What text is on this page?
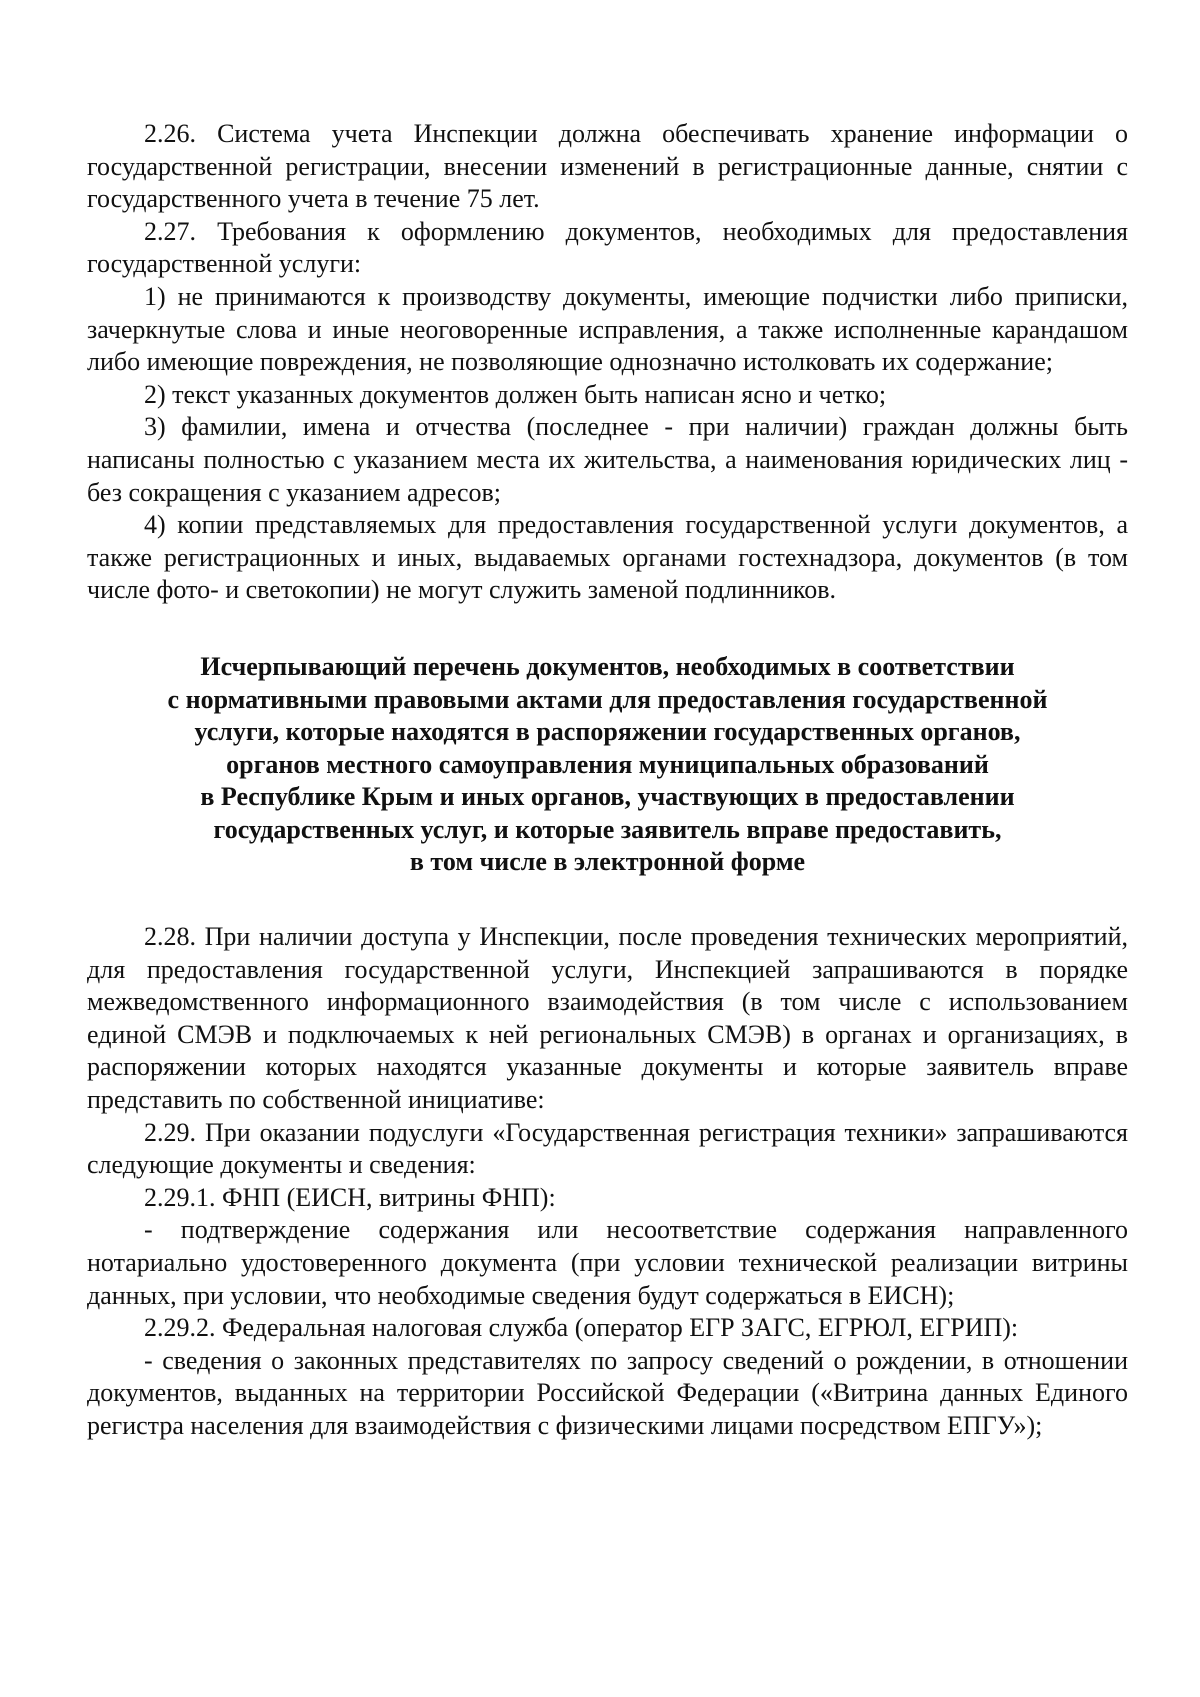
2.26. Система учета Инспекции должна обеспечивать хранение информации о государственной регистрации, внесении изменений в регистрационные данные, снятии с государственного учета в течение 75 лет.

2.27. Требования к оформлению документов, необходимых для предоставления государственной услуги:

1) не принимаются к производству документы, имеющие подчистки либо приписки, зачеркнутые слова и иные неоговоренные исправления, а также исполненные карандашом либо имеющие повреждения, не позволяющие однозначно истолковать их содержание;

2) текст указанных документов должен быть написан ясно и четко;

3) фамилии, имена и отчества (последнее - при наличии) граждан должны быть написаны полностью с указанием места их жительства, а наименования юридических лиц - без сокращения с указанием адресов;

4) копии представляемых для предоставления государственной услуги документов, а также регистрационных и иных, выдаваемых органами гостехнадзора, документов (в том числе фото- и светокопии) не могут служить заменой подлинников.

Исчерпывающий перечень документов, необходимых в соответствии
с нормативными правовыми актами для предоставления государственной
услуги, которые находятся в распоряжении государственных органов,
органов местного самоуправления муниципальных образований
в Республике Крым и иных органов, участвующих в предоставлении
государственных услуг, и которые заявитель вправе предоставить,
в том числе в электронной форме

2.28. При наличии доступа у Инспекции, после проведения технических мероприятий, для предоставления государственной услуги, Инспекцией запрашиваются в порядке межведомственного информационного взаимодействия (в том числе с использованием единой СМЭВ и подключаемых к ней региональных СМЭВ) в органах и организациях, в распоряжении которых находятся указанные документы и которые заявитель вправе представить по собственной инициативе:

2.29. При оказании подуслуги «Государственная регистрация техники» запрашиваются следующие документы и сведения:

2.29.1. ФНП (ЕИСН, витрины ФНП):

- подтверждение содержания или несоответствие содержания направленного нотариально удостоверенного документа (при условии технической реализации витрины данных, при условии, что необходимые сведения будут содержаться в ЕИСН);

2.29.2. Федеральная налоговая служба (оператор ЕГР ЗАГС, ЕГРЮЛ, ЕГРИП):

- сведения о законных представителях по запросу сведений о рождении, в отношении документов, выданных на территории Российской Федерации («Витрина данных Единого регистра населения для взаимодействия с физическими лицами посредством ЕПГУ»);
